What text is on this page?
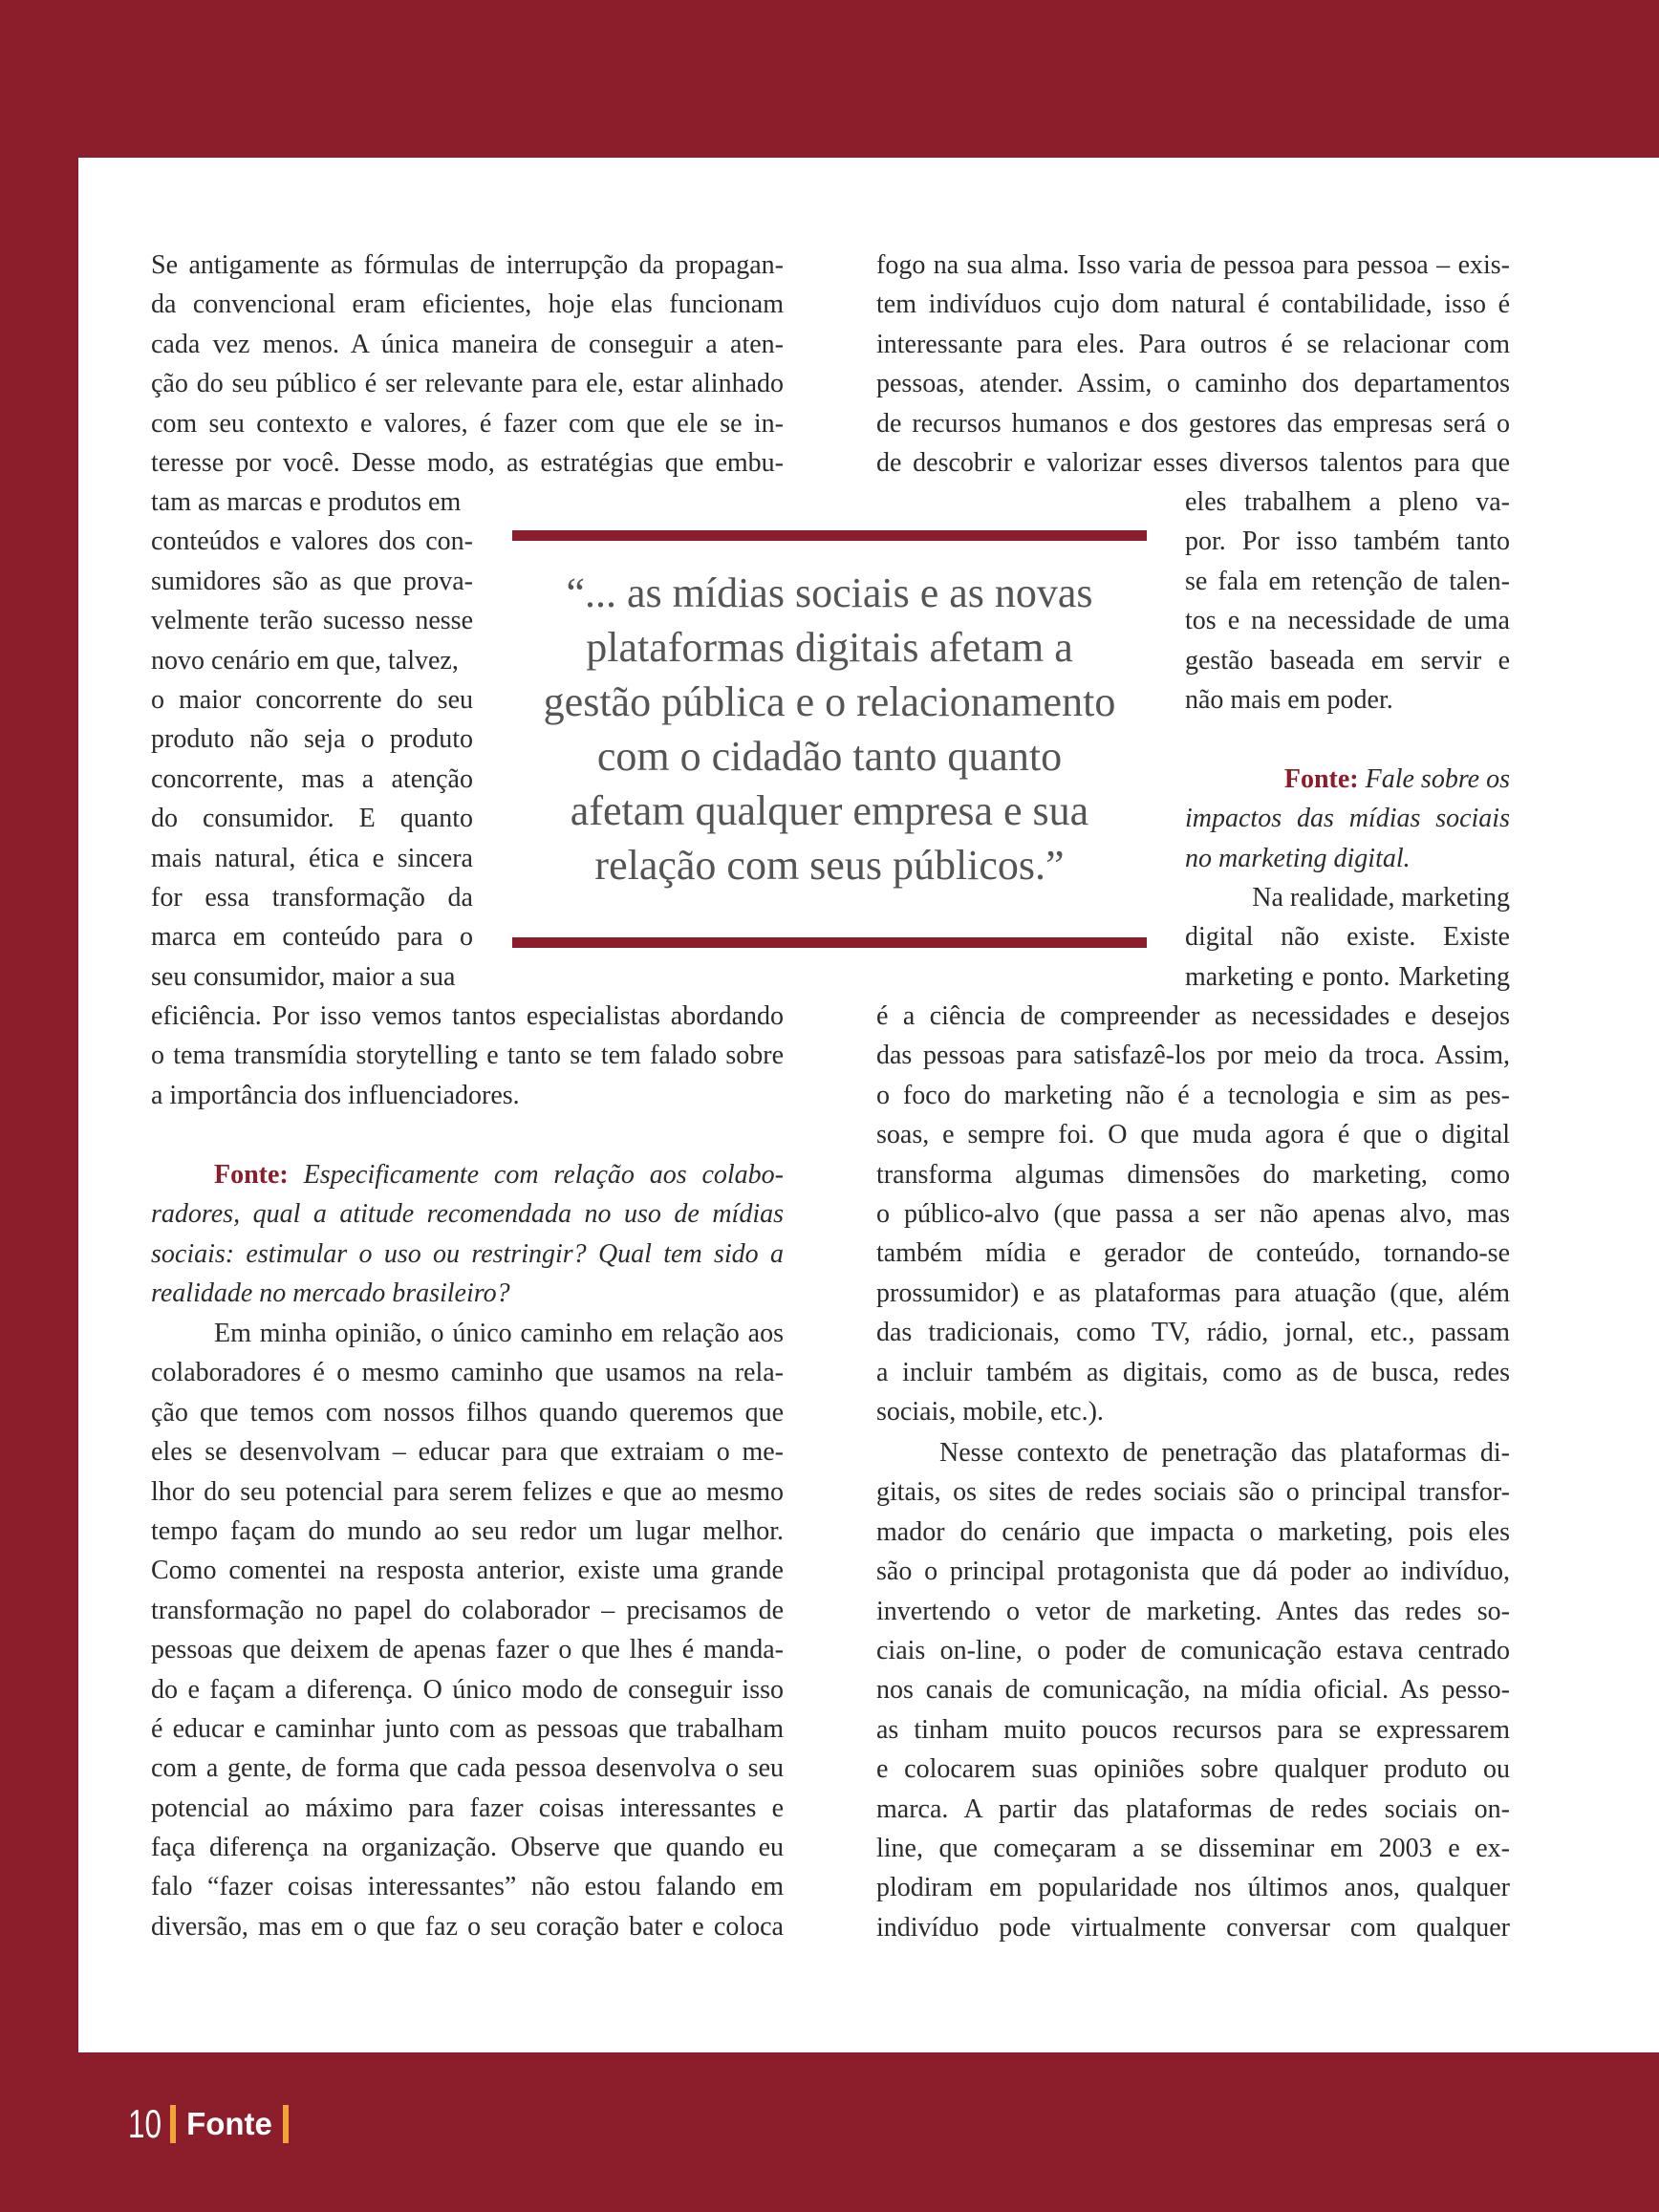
Se antigamente as fórmulas de interrupção da propagan-
da convencional eram eficientes, hoje elas funcionam
cada vez menos. A única maneira de conseguir a aten-
ção do seu público é ser relevante para ele, estar alinhado
com seu contexto e valores, é fazer com que ele se in-
teresse por você. Desse modo, as estratégias que embu-
tam as marcas e produtos em
conteúdos e valores dos con-
sumidores são as que prova-
velmente terão sucesso nesse
novo cenário em que, talvez,
o maior concorrente do seu
produto não seja o produto
concorrente, mas a atenção
do consumidor. E quanto
mais natural, ética e sincera
for essa transformação da
marca em conteúdo para o
seu consumidor, maior a sua
eficiência. Por isso vemos tantos especialistas abordando
o tema transmídia storytelling e tanto se tem falado sobre
a importância dos influenciadores.
Fonte: Especificamente com relação aos colabo-
radores, qual a atitude recomendada no uso de mídias
sociais: estimular o uso ou restringir? Qual tem sido a
realidade no mercado brasileiro?
Em minha opinião, o único caminho em relação aos
colaboradores é o mesmo caminho que usamos na rela-
ção que temos com nossos filhos quando queremos que
eles se desenvolvam – educar para que extraiam o me-
lhor do seu potencial para serem felizes e que ao mesmo
tempo façam do mundo ao seu redor um lugar melhor.
Como comentei na resposta anterior, existe uma grande
transformação no papel do colaborador – precisamos de
pessoas que deixem de apenas fazer o que lhes é manda-
do e façam a diferença. O único modo de conseguir isso
é educar e caminhar junto com as pessoas que trabalham
com a gente, de forma que cada pessoa desenvolva o seu
potencial ao máximo para fazer coisas interessantes e
faça diferença na organização. Observe que quando eu
falo “fazer coisas interessantes” não estou falando em
diversão, mas em o que faz o seu coração bater e coloca
“... as mídias sociais e as novas
plataformas digitais afetam a
gestão pública e o relacionamento
com o cidadão tanto quanto
afetam qualquer empresa e sua
relação com seus públicos.”
fogo na sua alma. Isso varia de pessoa para pessoa – exis-
tem indivíduos cujo dom natural é contabilidade, isso é
interessante para eles. Para outros é se relacionar com
pessoas, atender. Assim, o caminho dos departamentos
de recursos humanos e dos gestores das empresas será o
de descobrir e valorizar esses diversos talentos para que
eles trabalhem a pleno va-
por. Por isso também tanto
se fala em retenção de talen-
tos e na necessidade de uma
gestão baseada em servir e
não mais em poder.
Fonte: Fale sobre os
impactos das mídias sociais
no marketing digital.
Na realidade, marketing
digital não existe. Existe
marketing e ponto. Marketing
é a ciência de compreender as necessidades e desejos
das pessoas para satisfazê-los por meio da troca. Assim,
o foco do marketing não é a tecnologia e sim as pes-
soas, e sempre foi. O que muda agora é que o digital
transforma algumas dimensões do marketing, como
o público-alvo (que passa a ser não apenas alvo, mas
também mídia e gerador de conteúdo, tornando-se
prossumidor) e as plataformas para atuação (que, além
das tradicionais, como TV, rádio, jornal, etc., passam
a incluir também as digitais, como as de busca, redes
sociais, mobile, etc.).
Nesse contexto de penetração das plataformas di-
gitais, os sites de redes sociais são o principal transfor-
mador do cenário que impacta o marketing, pois eles
são o principal protagonista que dá poder ao indivíduo,
invertendo o vetor de marketing. Antes das redes so-
ciais on-line, o poder de comunicação estava centrado
nos canais de comunicação, na mídia oficial. As pesso-
as tinham muito poucos recursos para se expressarem
e colocarem suas opiniões sobre qualquer produto ou
marca. A partir das plataformas de redes sociais on-
line, que começaram a se disseminar em 2003 e ex-
plodiram em popularidade nos últimos anos, qualquer
indivíduo pode virtualmente conversar com qualquer
10 Fonte
